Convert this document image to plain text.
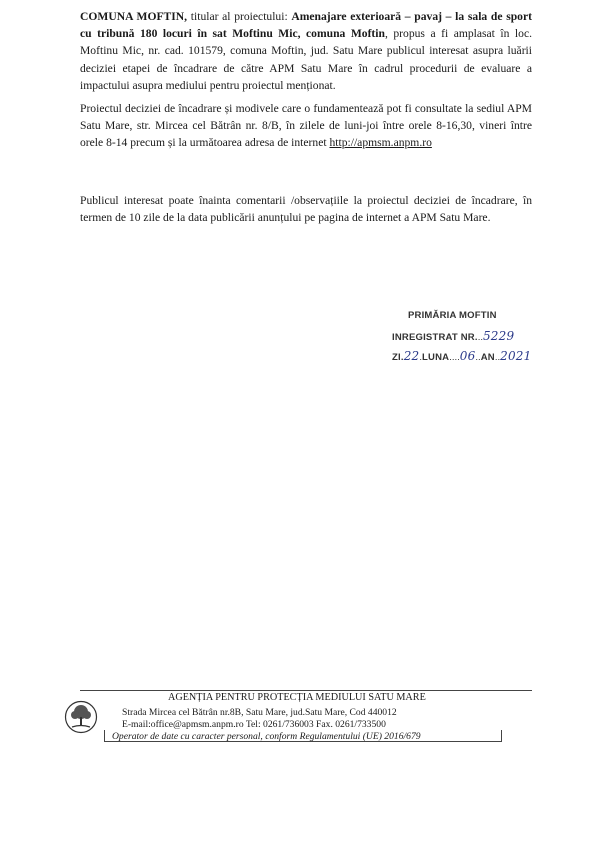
COMUNA MOFTIN, titular al proiectului: Amenajare exterioară – pavaj – la sala de sport cu tribună 180 locuri în sat Moftinu Mic, comuna Moftin, propus a fi amplasat în loc. Moftinu Mic, nr. cad. 101579, comuna Moftin, jud. Satu Mare publicul interesat asupra luării deciziei etapei de încadrare de către APM Satu Mare în cadrul procedurii de evaluare a impactului asupra mediului pentru proiectul menționat.
Proiectul deciziei de încadrare și modivele care o fundamentează pot fi consultate la sediul APM Satu Mare, str. Mircea cel Bătrân nr. 8/B, în zilele de luni-joi între orele 8-16,30, vineri între orele 8-14 precum și la următoarea adresa de internet http://apmsm.anpm.ro
Publicul interesat poate înainta comentarii /observațiile la proiectul deciziei de încadrare, în termen de 10 zile de la data publicării anunțului pe pagina de internet a APM Satu Mare.
PRIMĂRIA MOFTIN
INREGISTRAT NR...5229
ZI.22.LUNA....06..AN..2021
AGENȚIA PENTRU PROTECȚIA MEDIULUI SATU MARE
Strada Mircea cel Bătrân nr.8B, Satu Mare, jud.Satu Mare, Cod 440012
E-mail:office@apmsm.anpm.ro Tel: 0261/736003 Fax. 0261/733500
Operator de date cu caracter personal, conform Regulamentului (UE) 2016/679
